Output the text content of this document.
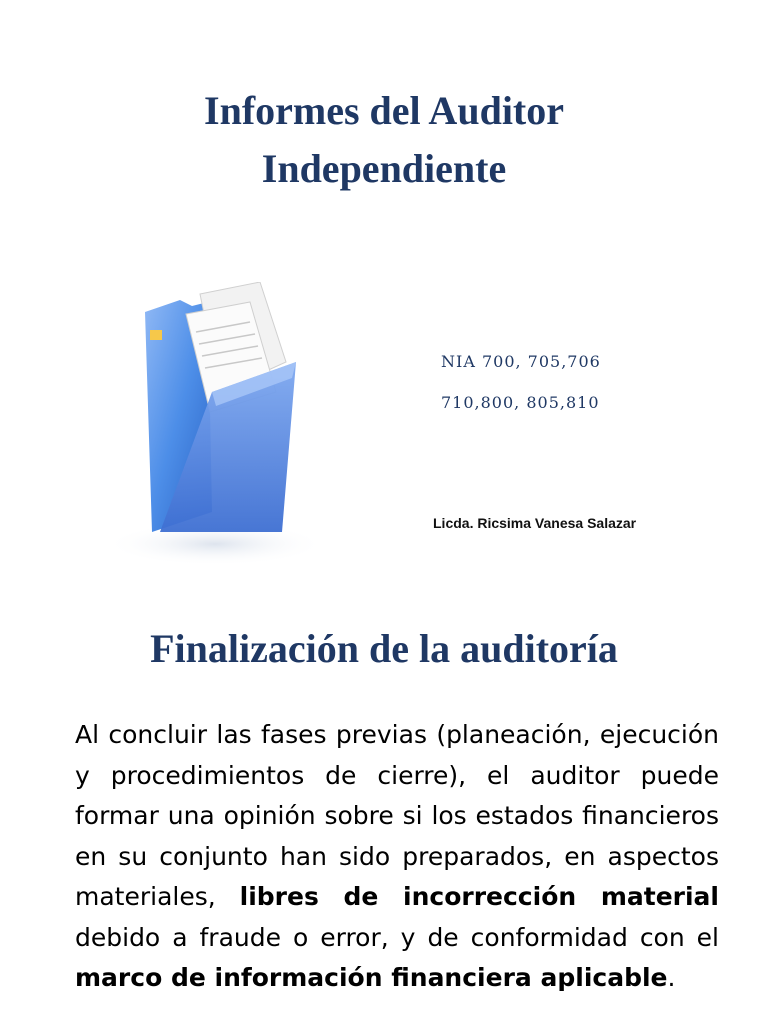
Informes del Auditor
Independiente

NIA 700, 705,706

710,800, 805,810

Licda. Ricsima Vanesa Salazar

Finalización de la auditoría

Al concluir las fases previas (planeación, ejecución y procedimientos de cierre), el auditor puede formar una opinión sobre si los estados financieros en su conjunto han sido preparados, en aspectos materiales, libres de incorrección material debido a fraude o error, y de conformidad con el marco de información financiera aplicable.
